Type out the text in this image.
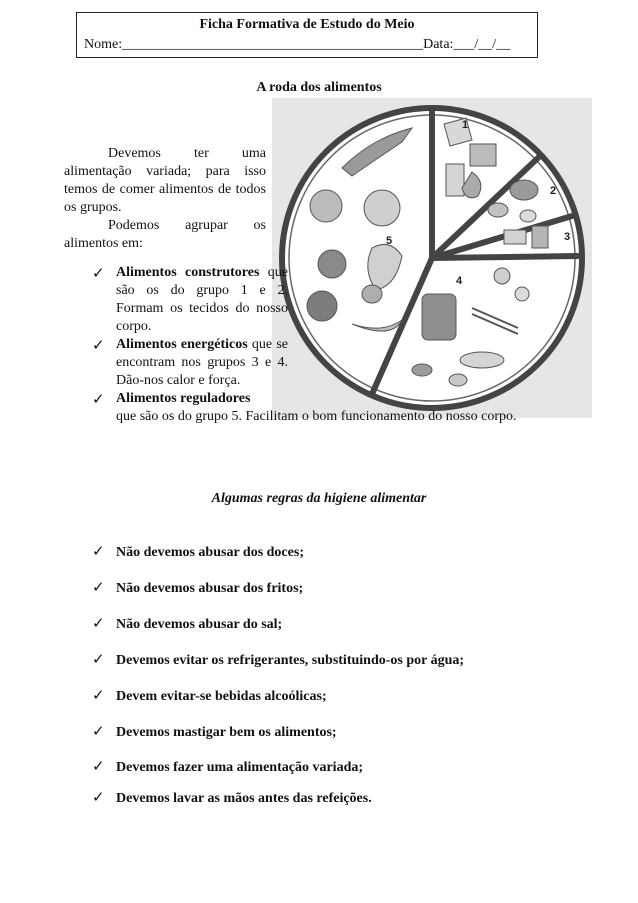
Ficha Formativa de Estudo do Meio
Nome:___________________________________________Data:___/__/__
A roda dos alimentos
Devemos ter uma alimentação variada; para isso temos de comer alimentos de todos os grupos.
Podemos agrupar os alimentos em:
1
2
3
4
5
✓ Alimentos construtores que são os do grupo 1 e 2. Formam os tecidos do nosso corpo.
✓ Alimentos energéticos que se encontram nos grupos 3 e 4. Dão-nos calor e força.
✓ Alimentos reguladores
que são os do grupo 5. Facilitam o bom funcionamento do nosso corpo.
Algumas regras da higiene alimentar
✓ Não devemos abusar dos doces;
✓ Não devemos abusar dos fritos;
✓ Não devemos abusar do sal;
✓ Devemos evitar os refrigerantes, substituindo-os por água;
✓ Devem evitar-se bebidas alcoólicas;
✓ Devemos mastigar bem os alimentos;
✓ Devemos fazer uma alimentação variada;
✓ Devemos lavar as mãos antes das refeições.
